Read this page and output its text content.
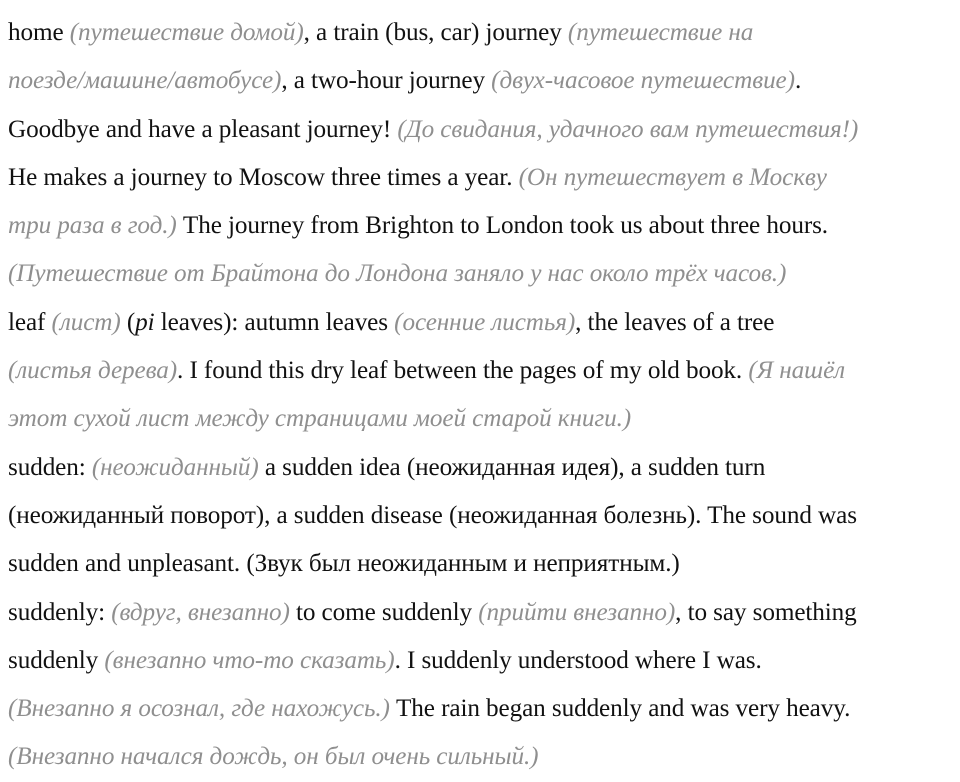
home (путешествие домой), a train (bus, car) journey (путешествие на
поезде/машине/автобусе), a two-hour journey (двух-часовое путешествие).
Goodbye and have a pleasant journey! (До свидания, удачного вам путешествия!)
He makes a journey to Moscow three times a year. (Он путешествует в Москву
три раза в год.) The journey from Brighton to London took us about three hours.
(Путешествие от Брайтона до Лондона заняло у нас около трёх часов.)
leaf (лист) (pi leaves): autumn leaves (осенние листья), the leaves of a tree
(листья дерева). I found this dry leaf between the pages of my old book. (Я нашёл
этот сухой лист между страницами моей старой книги.)
sudden: (неожиданный) a sudden idea (неожиданная идея), a sudden turn
(неожиданный поворот), a sudden disease (неожиданная болезнь). The sound was
sudden and unpleasant. (Звук был неожиданным и неприятным.)
suddenly: (вдруг, внезапно) to come suddenly (прийти внезапно), to say something
suddenly (внезапно что-то сказать). I suddenly understood where I was.
(Внезапно я осознал, где нахожусь.) The rain began suddenly and was very heavy.
(Внезапно начался дождь, он был очень сильный.)
